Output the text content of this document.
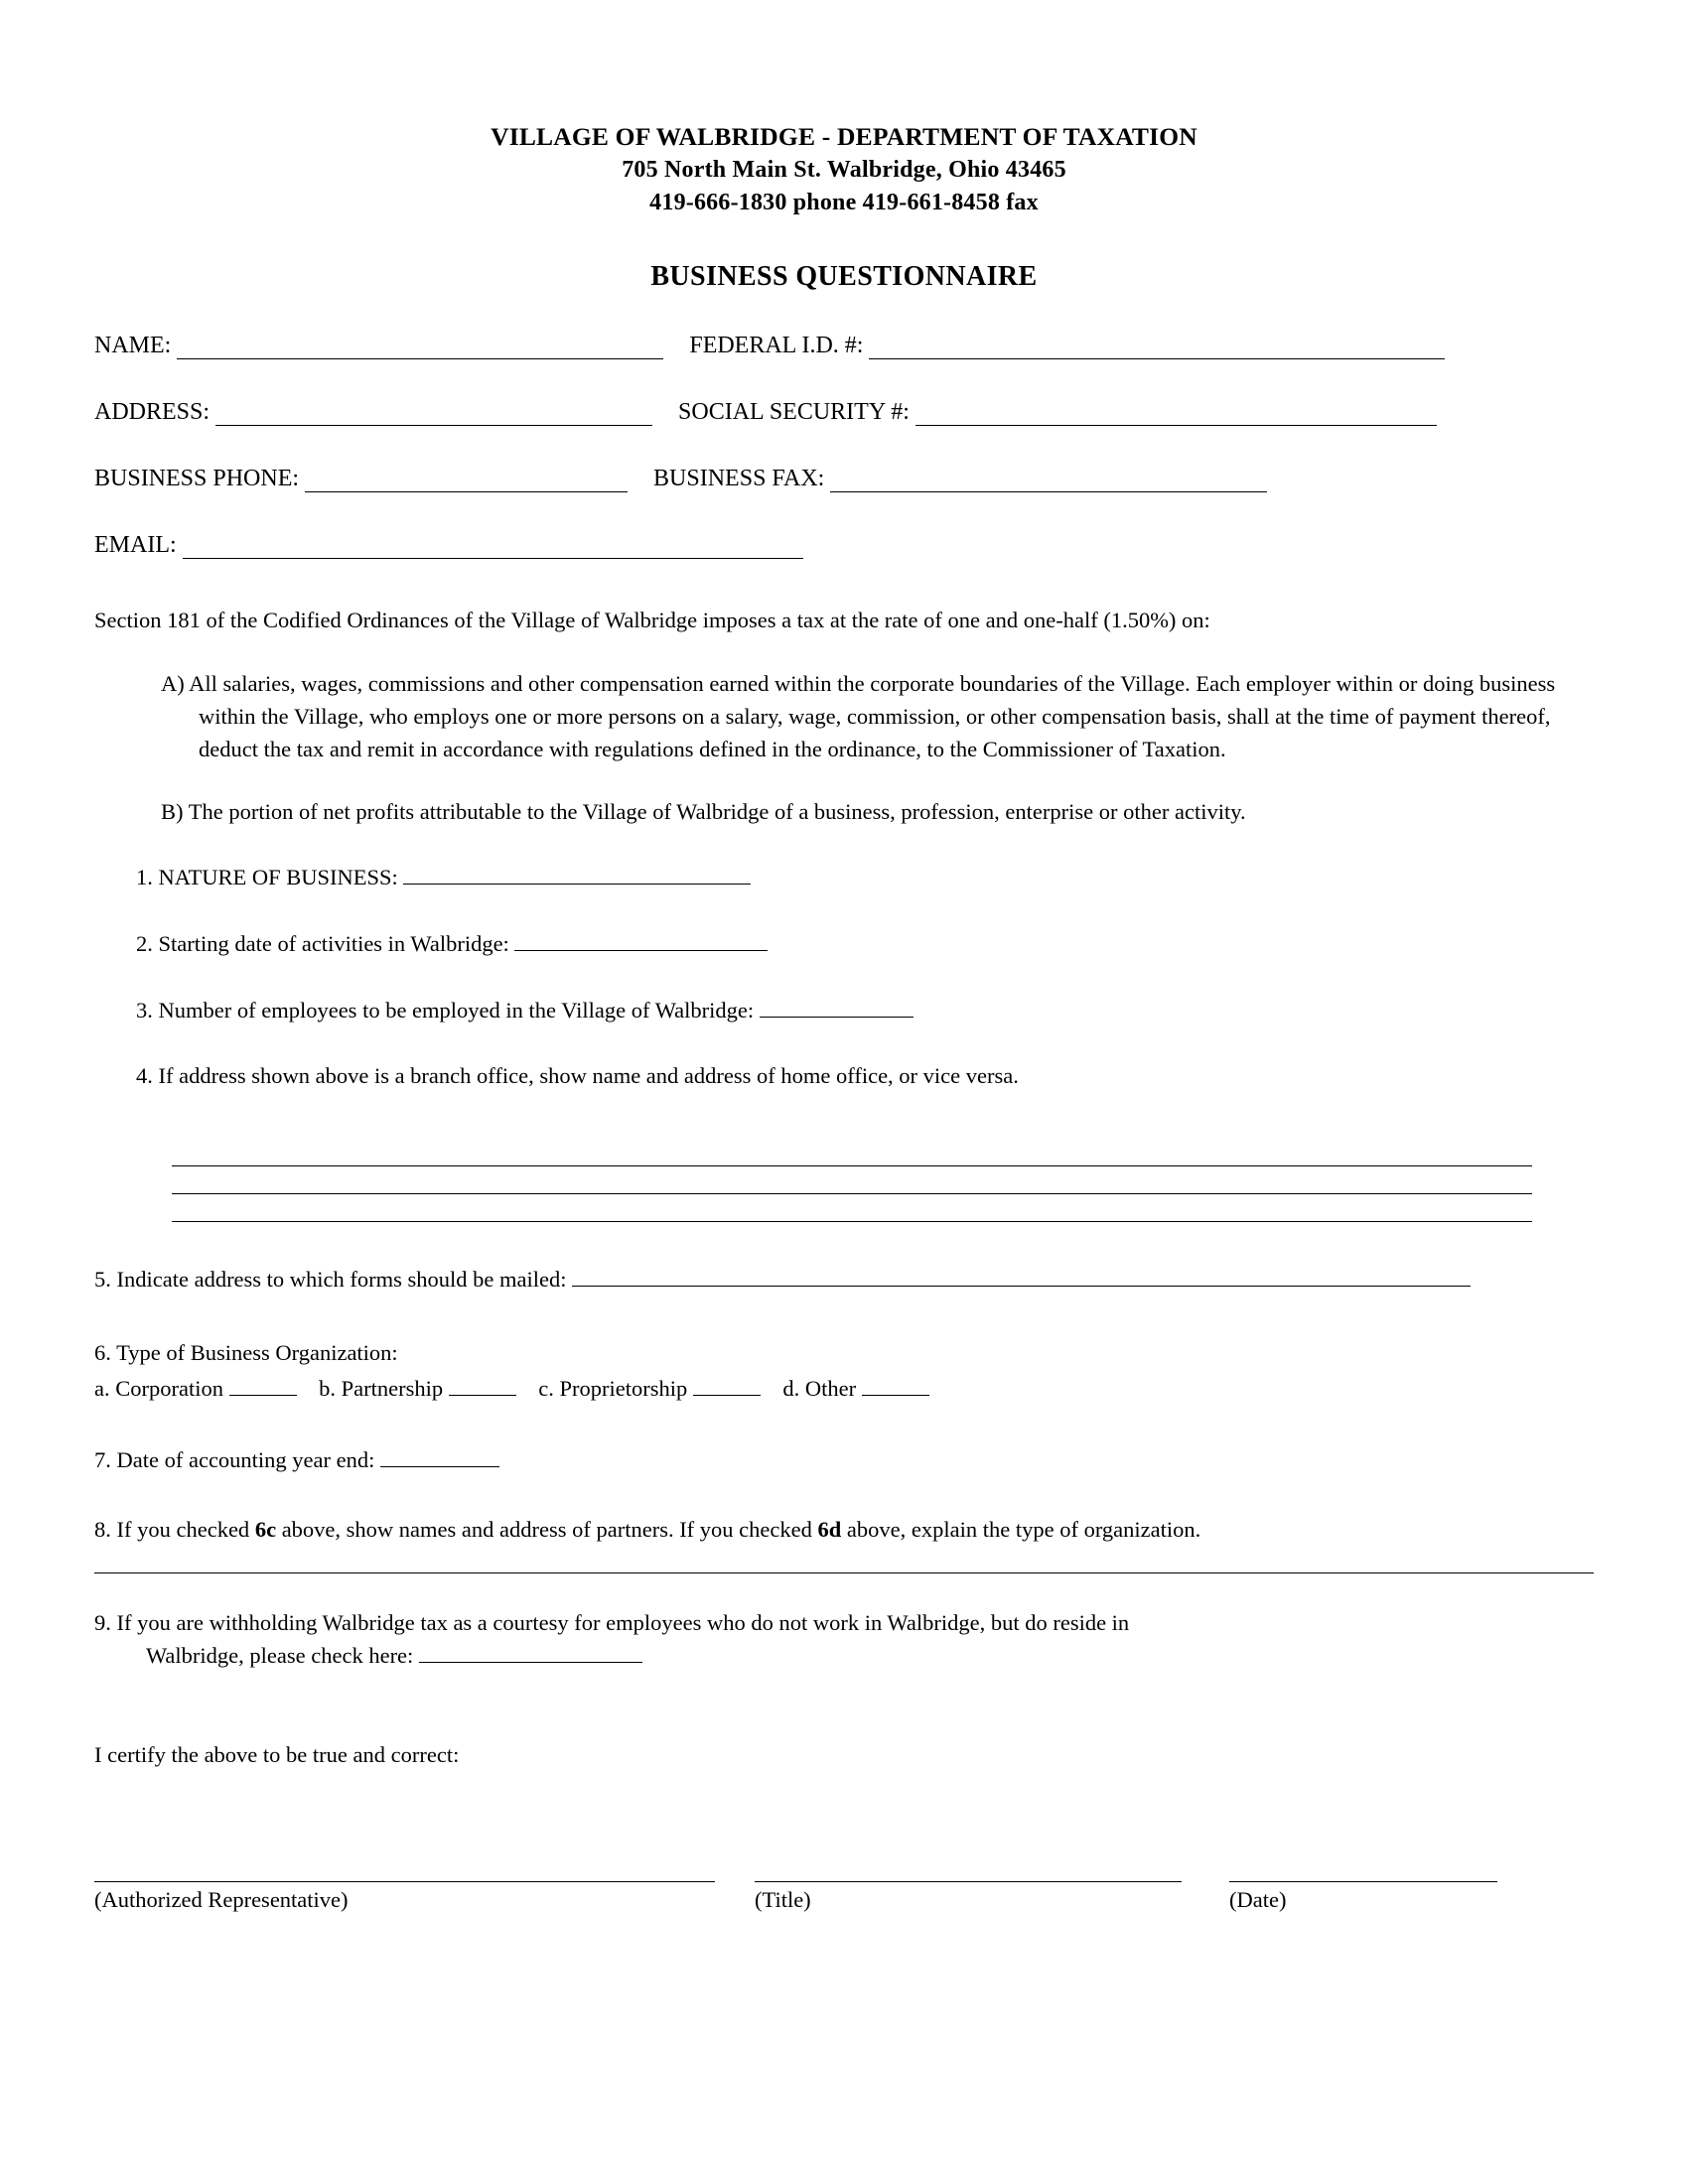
VILLAGE OF WALBRIDGE - DEPARTMENT OF TAXATION
705 North Main St. Walbridge, Ohio 43465
419-666-1830 phone 419-661-8458 fax
BUSINESS QUESTIONNAIRE
NAME:	FEDERAL I.D. #:
ADDRESS:	SOCIAL SECURITY #:
BUSINESS PHONE:	BUSINESS FAX:
EMAIL:
Section 181 of the Codified Ordinances of the Village of Walbridge imposes a tax at the rate of one and one-half (1.50%) on:
A) All salaries, wages, commissions and other compensation earned within the corporate boundaries of the Village. Each employer within or doing business within the Village, who employs one or more persons on a salary, wage, commission, or other compensation basis, shall at the time of payment thereof, deduct the tax and remit in accordance with regulations defined in the ordinance, to the Commissioner of Taxation.
B) The portion of net profits attributable to the Village of Walbridge of a business, profession, enterprise or other activity.
1. NATURE OF BUSINESS:
2. Starting date of activities in Walbridge:
3. Number of employees to be employed in the Village of Walbridge:
4. If address shown above is a branch office, show name and address of home office, or vice versa.
5. Indicate address to which forms should be mailed:
6. Type of Business Organization:
a. Corporation	b. Partnership	c. Proprietorship	d. Other
7. Date of accounting year end:
8. If you checked 6c above, show names and address of partners. If you checked 6d above, explain the type of organization.
9. If you are withholding Walbridge tax as a courtesy for employees who do not work in Walbridge, but do reside in
Walbridge, please check here:
I certify the above to be true and correct:
(Authorized Representative)	(Title)	(Date)
